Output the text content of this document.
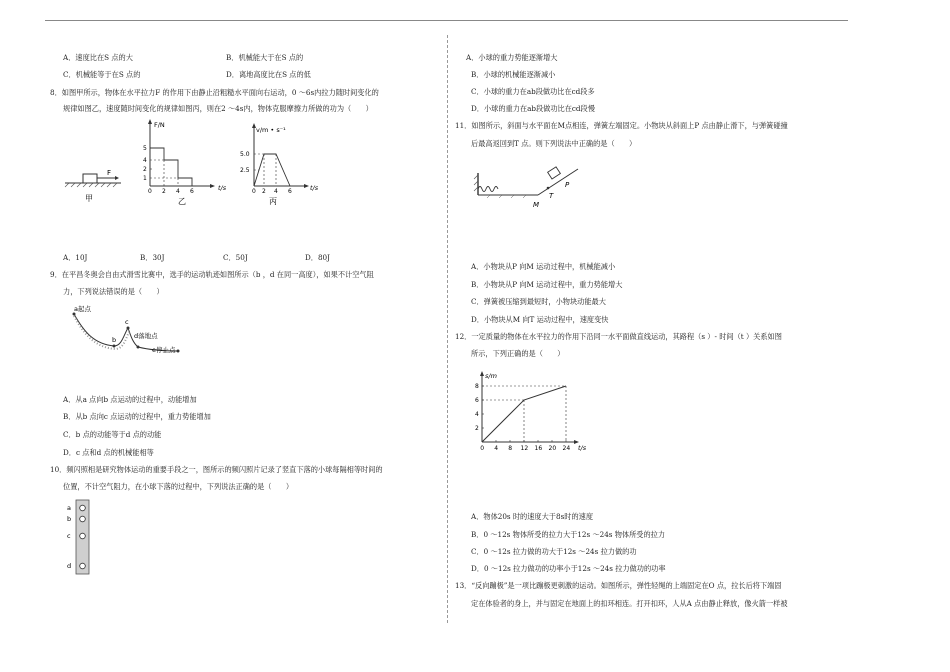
A．速度比在S 点的大	B．机械能大于在S 点的
C．机械能等于在S 点的	D．离地高度比在S 点的低
8．如图甲所示，物体在水平拉力F 的作用下由静止沿粗糙水平面向右运动，0 ～6s内拉力随时间变化的
规律如图乙，速度随时间变化的规律如图丙，则在2 ～4s内，物体克服摩擦力所做的功为（　　）
F
甲
F/N
t/s
5
4
2
1
0 2 4 6
乙
v/m • s⁻¹
t/s
5.0
2.5
0 2 4 6
丙
A．10J	B．30J	C．50J	D．80J
9．在平昌冬奥会自由式滑雪比赛中，选手的运动轨迹如图所示（b ，d 在同一高度），如果不计空气阻
力，下列说法错误的是（　　）
a起点
b
c
d落地点
e停止点
A．从a 点向b 点运动的过程中，动能增加
B．从b 点向c 点运动的过程中，重力势能增加
C．b 点的动能等于d 点的动能
D．c 点和d 点的机械能相等
10．频闪照相是研究物体运动的重要手段之一，图所示的频闪照片记录了竖直下落的小球每隔相等时间的
位置，不计空气阻力，在小球下落的过程中，下列说法正确的是（　　）
a
b
c
d
A．小球的重力势能逐渐增大
B．小球的机械能逐渐减小
C．小球的重力在ab段做功比在cd段多
D．小球的重力在ab段做功比在cd段慢
11．如图所示，斜面与水平面在M点相连，弹簧左端固定。小物块从斜面上P 点由静止滑下，与弹簧碰撞
后最高返回到T 点。则下列说法中正确的是（　　）
M
T
P
A．小物块从P 向M 运动过程中，机械能减小
B．小物块从P 向M 运动过程中，重力势能增大
C．弹簧被压缩到最短时，小物块动能最大
D．小物块从M 向T 运动过程中，速度变快
12．一定质量的物体在水平拉力的作用下沿同一水平面做直线运动，其路程（s ）- 时间（t ）关系如图
所示，下列正确的是（　　）
s/m
t/s
2
4
6
8
0 4 8 12 16 20 24
A．物体20s 时的速度大于8s时的速度
B．0 ～12s 物体所受的拉力大于12s ～24s 物体所受的拉力
C．0 ～12s 拉力做的功大于12s ～24s 拉力做的功
D．0 ～12s 拉力做功的功率小于12s ～24s 拉力做功的功率
13．“反向蹦极”是一项比蹦极更刺激的运动。如图所示，弹性轻绳的上端固定在O 点，拉长后将下端固
定在体验者的身上，并与固定在地面上的扣环相连。打开扣环，人从A 点由静止释放，像火箭一样被
